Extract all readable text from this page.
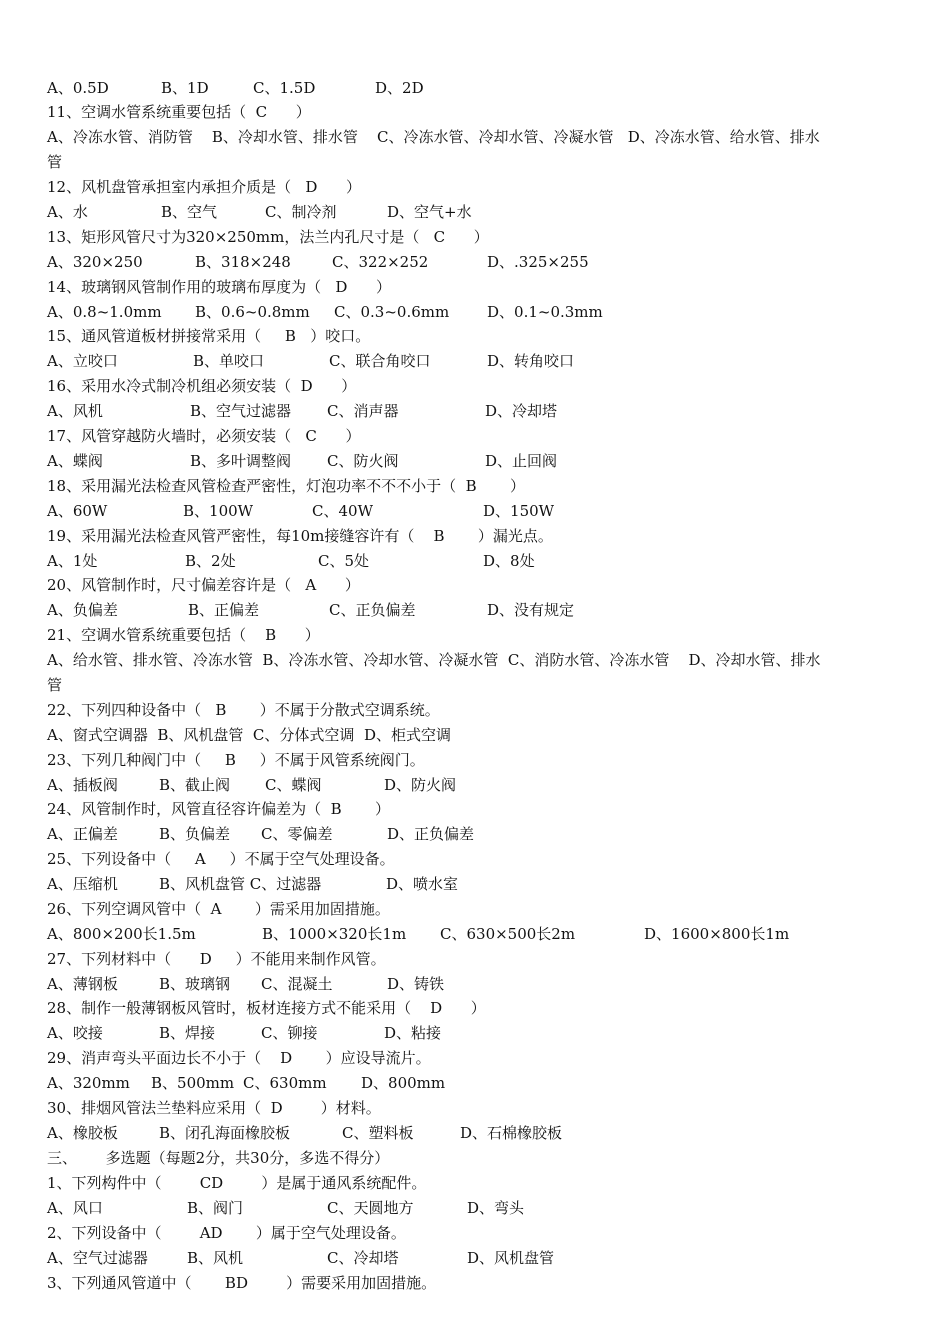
A、0.5D	B、1D	C、1.5D	D、2D
11、空调水管系统重要包括（  C      ）
A、冷冻水管、消防管    B、冷却水管、排水管    C、冷冻水管、冷却水管、冷凝水管   D、冷冻水管、给水管、排水
管
12、风机盘管承担室内承担介质是（   D      ）
A、水	B、空气	C、制冷剂	D、空气+水
13、矩形风管尺寸为320×250mm，法兰内孔尺寸是（   C      ）
A、320×250	B、318×248	C、322×252	D、.325×255
14、玻璃钢风管制作用的玻璃布厚度为（   D      ）
A、0.8~1.0mm B、0.6~0.8mm C、0.3~0.6mm	D、0.1~0.3mm
15、通风管道板材拼接常采用（     B   ）咬口。
A、立咬口	B、单咬口	C、联合角咬口	D、转角咬口
16、采用水冷式制冷机组必须安装（  D      ）
A、风机	B、空气过滤器 C、消声器	D、冷却塔
17、风管穿越防火墙时，必须安装（   C      ）
A、蝶阀	B、多叶调整阀 C、防火阀	D、止回阀
18、采用漏光法检查风管检查严密性，灯泡功率不不不小于（  B       ）
A、60W	B、100W	C、40W	D、150W
19、采用漏光法检查风管严密性，每10m接缝容许有（    B       ）漏光点。
A、1处	B、2处	C、5处	D、8处
20、风管制作时，尺寸偏差容许是（   A      ）
A、负偏差	B、正偏差	C、正负偏差	D、没有规定
21、空调水管系统重要包括（    B      ）
A、给水管、排水管、冷冻水管  B、冷冻水管、冷却水管、冷凝水管  C、消防水管、冷冻水管    D、冷却水管、排水
管
22、下列四种设备中（   B       ）不属于分散式空调系统。
A、窗式空调器  B、风机盘管  C、分体式空调  D、柜式空调
23、下列几种阀门中（     B     ）不属于风管系统阀门。
A、插板阀	B、截止阀 C、蝶阀	D、防火阀
24、风管制作时，风管直径容许偏差为（  B       ）
A、正偏差	B、负偏差 C、零偏差	D、正负偏差
25、下列设备中（     A     ）不属于空气处理设备。
A、压缩机	B、风机盘管 C、过滤器	D、喷水室
26、下列空调风管中（  A       ）需采用加固措施。
A、800×200长1.5m	B、1000×320长1m C、630×500长2m	D、1600×800长1m
27、下列材料中（      D     ）不能用来制作风管。
A、薄钢板	B、玻璃钢 C、混凝土	D、铸铁
28、制作一般薄钢板风管时，板材连接方式不能采用（    D      ）
A、咬接	B、焊接	C、铆接	D、粘接
29、消声弯头平面边长不小于（    D       ）应设导流片。
A、320mm B、500mm C、630mm D、800mm
30、排烟风管法兰垫料应采用（  D        ）材料。
A、橡胶板	B、闭孔海面橡胶板	C、塑料板	D、石棉橡胶板
三、      多选题（每题2分，共30分，多选不得分）
1、下列构件中（        CD        ）是属于通风系统配件。
A、风口	B、阀门	C、天圆地方	D、弯头
2、下列设备中（        AD       ）属于空气处理设备。
A、空气过滤器	B、风机	C、冷却塔	D、风机盘管
3、下列通风管道中（       BD        ）需要采用加固措施。
